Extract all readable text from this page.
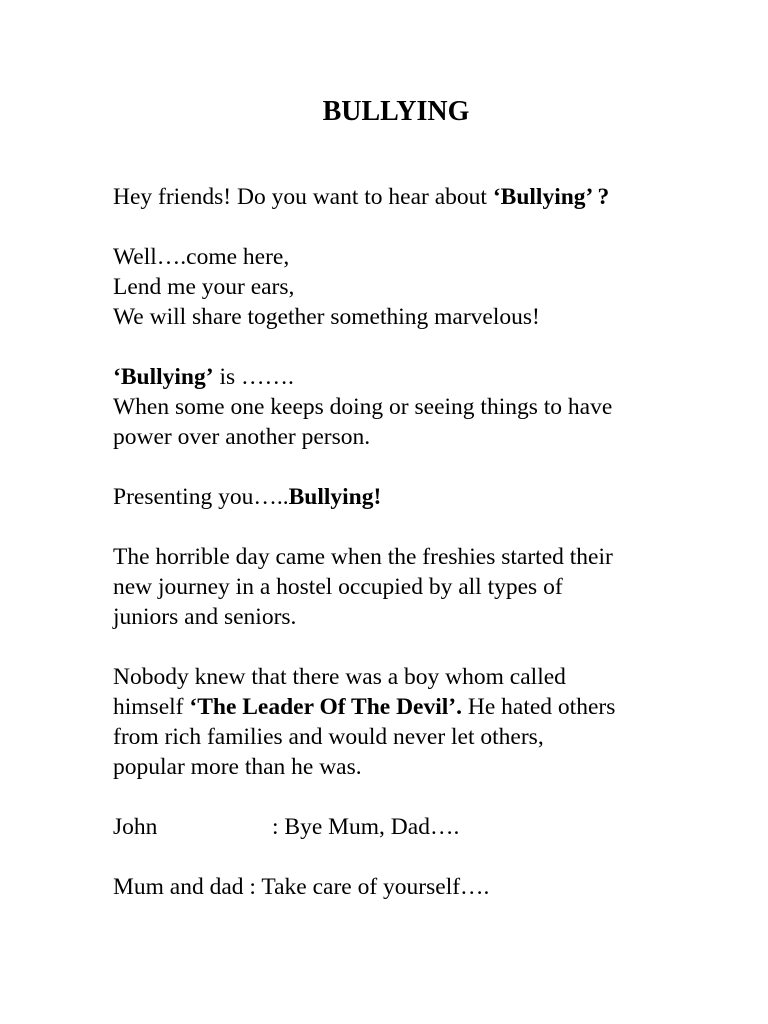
BULLYING

Hey friends! Do you want to hear about ‘Bullying’ ?

Well….come here,
Lend me your ears,
We will share together something marvelous!

‘Bullying’ is …….
When some one keeps doing or seeing things to have
power over another person.

Presenting you…..Bullying!

The horrible day came when the freshies started their
new journey in a hostel occupied by all types of
juniors and seniors.

Nobody knew that there was a boy whom called
himself ‘The Leader Of The Devil’. He hated others
from rich families and would never let others,
popular more than he was.

John	: Bye Mum, Dad….

Mum and dad : Take care of yourself….
